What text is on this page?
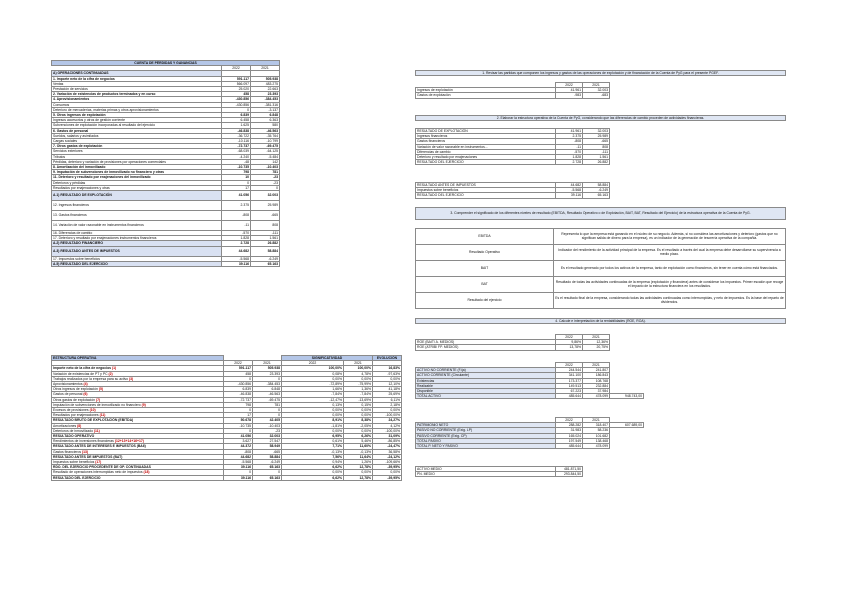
CUENTA DE PÉRDIDAS Y GANANCIAS		
	2022	2021
A) OPERACIONES CONTINUADAS		
1. Importe neto de la cifra de negocios	591.117	505.938
Ventas	566.097	483.275
Prestación de servicios	25.020	22.663
2. Variación de existencias de productos terminados y en curso	458	23.393
4. Aprovisionamientos	-430.856	-384.453
Consumos	-430.856	-381.316
Deterioro de mercaderías, materias primas y otros aprovisionamientos	0	-3.137
5. Otros ingresos de explotación	6.839	6.848
Ingresos accesorios y otros de gestión corriente	6.458	6.363
Subvenciones de explotación incorporadas al resultado del ejercicio	1.625	580
6. Gastos de personal	-46.838	-46.563
Sueldos, salarios y asimilados	-36.722	-35.764
Cargas sociales	-10.116	-10.799
7. Otros gastos de explotación	-72.737	-69.475
Servicios exteriores	-68.039	-64.125
Tributos	-4.240	-5.484
Pérdidas, deterioro y variación de provisiones por operaciones comerciales	-48	142
8. Amortización del inmovilizado	-10.735	-10.403
9. Imputación de subvenciones de inmovilizado no financiero y otras	798	781
11. Deterioro y resultado por enajenaciones del inmovilizado	10	-23
Deterioros y pérdidas	0	-23
Resultados por enajenaciones y otras	17	0
A.1) RESULTADO DE EXPLOTACIÓN	41.056	32.003
12. Ingresos financieros	2.375	25.989
13. Gastos financieros	-808	-665
14. Variación de valor razonable en instrumentos financieros	-11	808
16. Diferencias de cambio	-570	-111
17. Deterioro y resultado por enajenaciones instrumentos financieros	1.828	1.561
A.2) RESULTADO FINANCIERO	2.728	26.882
A.3) RESULTADO ANTES DE IMPUESTOS	44.682	58.884
17. Impuestos sobre beneficios	-5.568	-6.249
A.5) RESULTADO DEL EJERCICIO	39.116	65.163
ESTRUCTURA OPERATIVA			SIGNIFICATIVIDAD		EVOLUCIÓN
	2022	2021	2022	2021	
Importe neto de la cifra de negocios (1)	591.117	505.938	100,00%	100,00%	16,83%
Variación de existencias de PT y PC (2)	458	23.393	0,08%	4,78%	-97,63%
Trabajos realizados por la empresa para su activo (3)	0	0	0,00%	0,00%	0,00%
Aprovisionamientos (4)	-430.856	-384.453	-72,89%	-75,99%	12,10%
Otros ingresos de explotación (5)	6.839	6.848	1,66%	1,36%	41,18%
Gastos de personal (6)	-46.838	-46.563	-7,84%	-7,84%	25,69%
Otros gastos de explotación (7)	-72.737	-69.475	-12,47%	-13,69%	6,11%
Imputación de subvenciones de inmovilizado no financiero (9)	798	781	0,13%	0,15%	2,18%
Excesos de provisiones (10)	0	0	0,00%	0,00%	0,00%
Resultados por enajenaciones (11)	17	0	0,00%	0,00%	-100,00%
RESULTADO BRUTO DE EXPLOTACIÓN (EBITDA)	50.678	42.405	8,91%	8,38%	24,27%
Amortizaciones (8)	-10.735	-10.403	-1,81%	-2,05%	4,12%
Deterioros de inmovilizado (11)	0	-23	0,00%	0,00%	-100,00%
RESULTADO OPERATIVO	41.056	32.003	6,95%	6,26%	31,09%
Rendimientos de inversiones financieras (12+13+14+16+17)	3.627	27.547	0,61%	5,46%	-86,85%
RESULTADO ANTES DE INTERESES E IMPUESTOS (BAII)	44.372	58.949	7,71%	11,60%	-24,47%
Gastos financieros (13)	-808	-665	-0,13%	-0,13%	36,58%
RESULTADO ANTES DE IMPUESTOS (BAT)	44.682	58.884	7,56%	11,64%	-24,12%
Impuestos sobre beneficios (17)	-5.568	-6.249	0,94%	1,26%	-109,66%
RDO. DEL EJERCICIO PROCEDENTE DE OP. CONTINUADAS	39.116	65.163	6,62%	12,78%	-39,95%
Resultado de operaciones interrumpidas neto de impuestos (18)	0	0	0,00%	0,00%	0,00%
RESULTADO DEL EJERCICIO	39.116	65.163	6,62%	12,78%	-39,95%
1. Revisar las partidas que componen los ingresos y gastos de las operaciones de explotación y de financiación de la Cuenta de PyG para el presente PGEF.
	2022	2021
Ingresos de explotación	41.961	32.003
Gastos de explotación	-983	-683
2. Elaborar la estructura operativa de la Cuenta de PyG, considerando que las diferencias de cambio proceden de actividades financieras.
RESULTADO DE EXPLOTACIÓN	41.961	32.003
Ingresos financieros	2.375	25.989
Gastos financieros	-808	-665
Variación de valor razonable en instrumentos...	-11	808
Diferencias de cambio	-570	-111
Deterioro y resultado por enajenaciones	1.828	1.561
RESULTADO DEL EJERCICIO	2.728	26.882
RESULTADO ANTES DE IMPUESTOS	44.682	58.884
Impuestos sobre beneficios	-5.568	-6.249
RESULTADO DEL EJERCICIO	39.116	65.163
3. Comprender el significado de los diferentes niveles de resultado (EBITDA, Resultado Operativo o de Explotación, BAIT, BAT, Resultado del Ejercicio) de la estructura operativa de la Cuenta de PyG.
EBITDA	Representa lo que la empresa está ganando en el núcleo de su negocio. Además, si no considera las amortizaciones y deterioro (gastos que no significan salida de dinero para la empresa), es un indicador de la generación de tesorería operativa de la compañía.
Resultado Operativo	Indicador del rendimiento de la actividad principal de la empresa. Es el resultado a través del cual la empresa debe desarrollarse su supervivencia a medio plazo.
BAIT	Es el resultado generado por todos los activos de la empresa, tanto de explotación como financieros, sin tener en cuenta cómo está financiados.
BAT	Resultado de todas las actividades continuadas de la empresa (explotación y financiera) antes de considerar los impuestos. Primer escalón que recoge el impacto de la estructura financiera en los resultados.
Resultado del ejercicio	Es el resultado final de la empresa, considerando todas las actividades continuadas como interrumpidas, y neto de impuestos. Es la base del reparto de dividendos.
4. Calcule e interpretación de la rentabilidades (ROE, ROA).
	2022	2021
ROE (BAIT/ A. MEDIOS)	9,86%	12,36%
ROE (ATRIB/ FP. MEDIOS)	13,78%	20,75%
	2022	2021	
ACTIVO NO CORRIENTE (F.ija)	244.544	241.807	
ACTIVO CORRIENTE (Circulante)	341.100	186.843	
Existencias	173.377	108.768	
Realizable	149.513	232.884	
Disponible	67.223	37.984	
TOTAL ACTIVO	485.644	478.099	948.743,00
	2022	2021	
PATRIMONIO NETO	288.282	318.407	607.689,00
PASIVO NO CORRIENTE (Exig. LP)	31.983	58.236	
PASIVO CORRIENTE (Exig. CP)	165.024	101.682	
TOTAL PASIVO	197.549	138.468	
TOTAL P. NETO Y PASIVO	485.644	478.099	
ACTIVO MEDIO	481.871,50
PN. MEDIO	293.844,50
